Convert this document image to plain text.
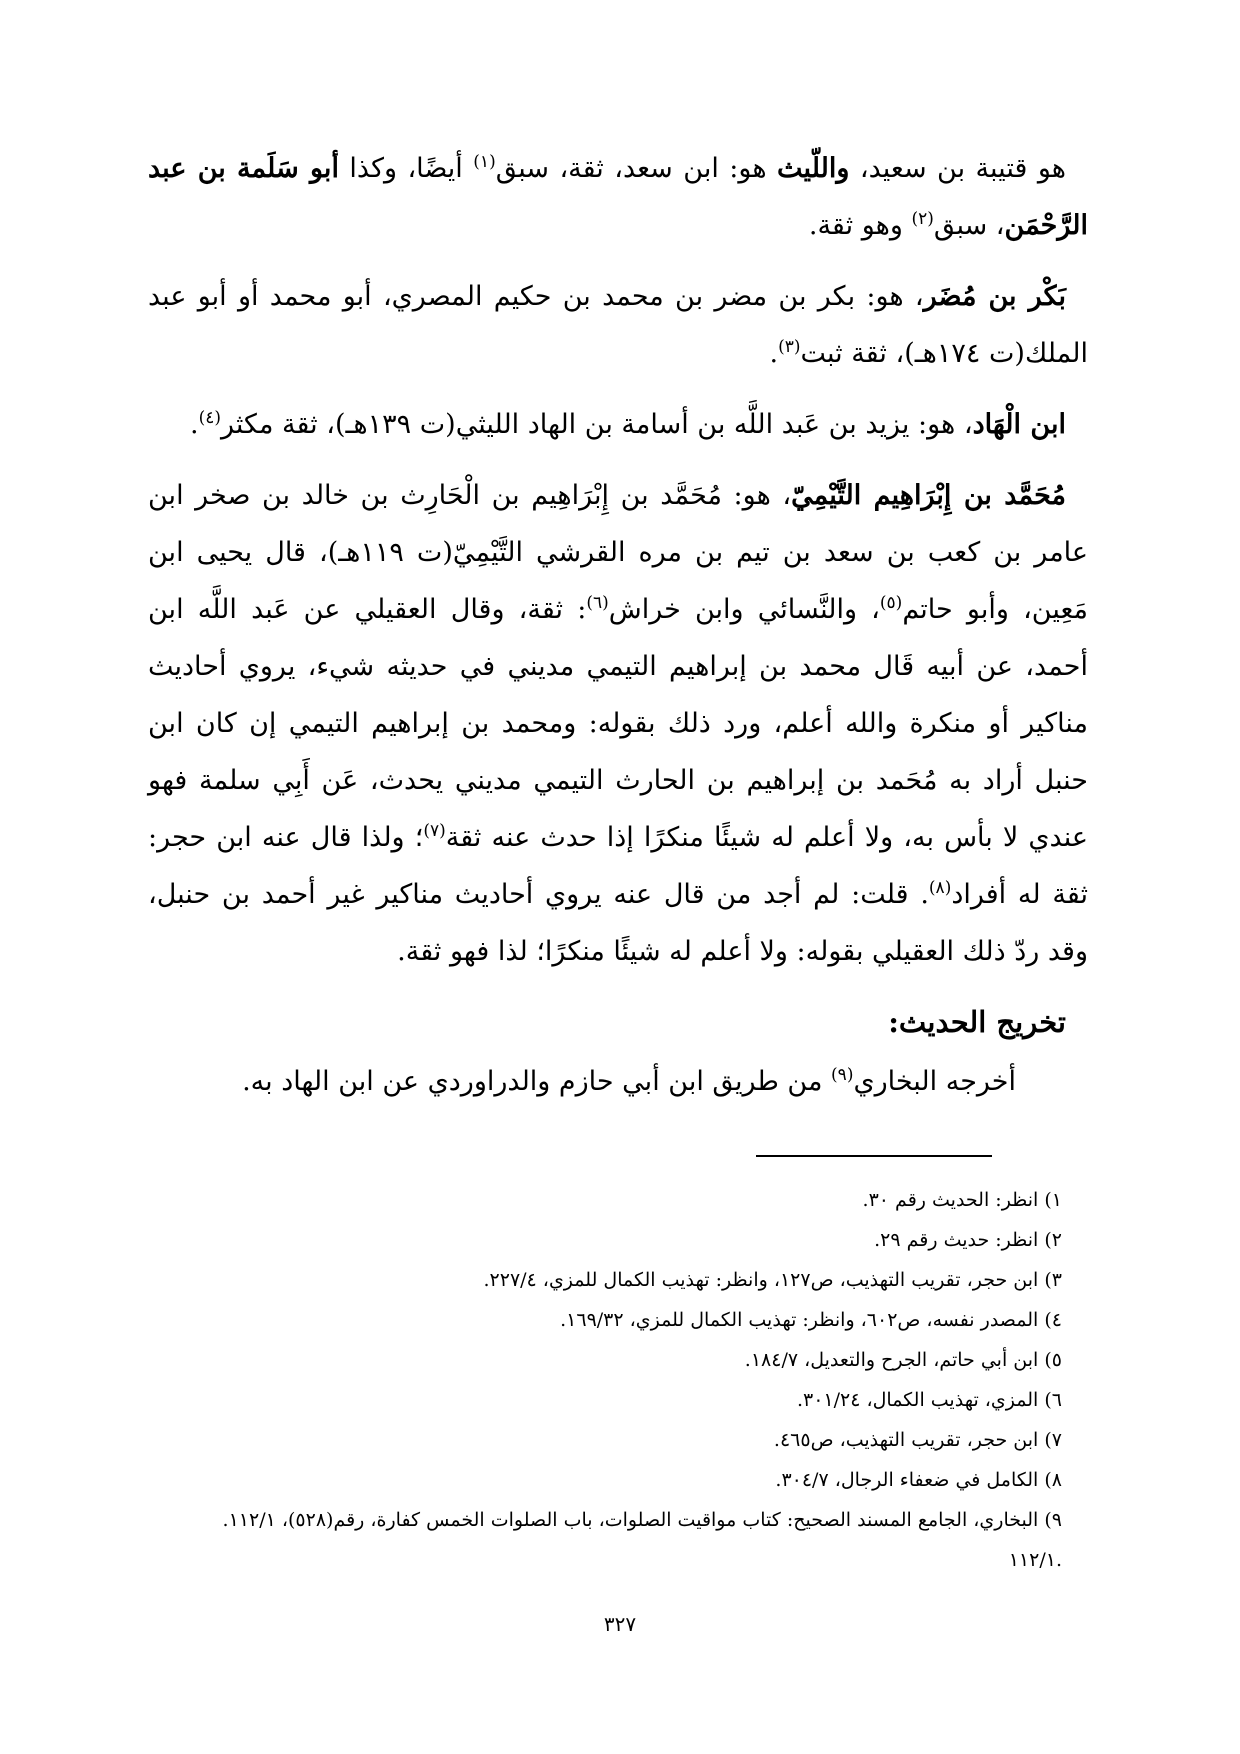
هو قتيبة بن سعيد، واللّيث هو: ابن سعد، ثقة، سبق$^{(١)}$ أيضًا، وكذا أبو سَلَمة بن عبد الرَّحْمَن، سبق$^{(٢)}$ وهو ثقة.

بَكْر بن مُضَر، هو: بكر بن مضر بن محمد بن حكيم المصري، أبو محمد أو أبو عبد الملك(ت ١٧٤هـ)، ثقة ثبت$^{(٣)}$.

ابن الْهَاد، هو: يزيد بن عَبد اللَّه بن أسامة بن الهاد الليثي(ت ١٣٩هـ)، ثقة مكثر$^{(٤)}$.

مُحَمَّد بن إِبْرَاهِيم التَّيْمِيّ، هو: مُحَمَّد بن إِبْرَاهِيم بن الْحَارِث بن خالد بن صخر ابن عامر بن كعب بن سعد بن تيم بن مره القرشي التَّيْمِيّ(ت ١١٩هـ)، قال يحيى ابن مَعِين، وأبو حاتم$^{(٥)}$، والنَّسائي وابن خراش$^{(٦)}$: ثقة، وقال العقيلي عن عَبد اللَّه ابن أحمد، عن أبيه قَال محمد بن إبراهيم التيمي مديني في حديثه شيء، يروي أحاديث مناكير أو منكرة والله أعلم، ورد ذلك بقوله: ومحمد بن إبراهيم التيمي إن كان ابن حنبل أراد به مُحَمد بن إبراهيم بن الحارث التيمي مديني يحدث، عَن أَبِي سلمة فهو عندي لا بأس به، ولا أعلم له شيئًا منكرًا إذا حدث عنه ثقة$^{(٧)}$؛ ولذا قال عنه ابن حجر: ثقة له أفراد$^{(٨)}$. قلت: لم أجد من قال عنه يروي أحاديث مناكير غير أحمد بن حنبل، وقد ردّ ذلك العقيلي بقوله: ولا أعلم له شيئًا منكرًا؛ لذا فهو ثقة.

تخريج الحديث:

أخرجه البخاري$^{(٩)}$ من طريق ابن أبي حازم والدراوردي عن ابن الهاد به.

١) انظر: الحديث رقم ٣٠.

٢) انظر: حديث رقم ٢٩.

٣) ابن حجر، تقريب التهذيب، ص١٢٧، وانظر: تهذيب الكمال للمزي، ٢٢٧/٤.

٤) المصدر نفسه، ص٦٠٢، وانظر: تهذيب الكمال للمزي، ١٦٩/٣٢.

٥) ابن أبي حاتم، الجرح والتعديل، ١٨٤/٧.

٦) المزي، تهذيب الكمال، ٣٠١/٢٤.

٧) ابن حجر، تقريب التهذيب، ص٤٦٥.

٨) الكامل في ضعفاء الرجال، ٣٠٤/٧.

٩) البخاري، الجامع المسند الصحيح: كتاب مواقيت الصلوات، باب الصلوات الخمس كفارة، رقم(٥٢٨)، ١١٢/١.

.١١٢/١

٣٢٧
